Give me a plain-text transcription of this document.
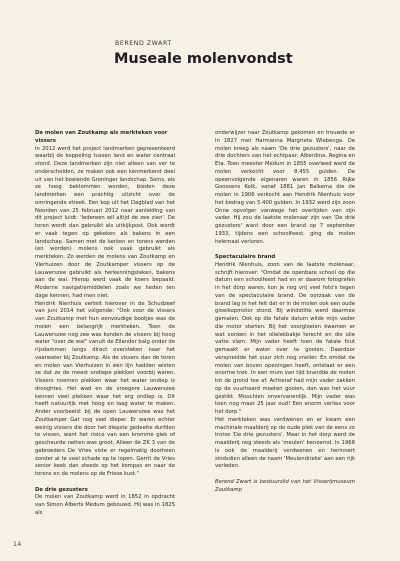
BEREND ZWART
Museale molenvondst
De molen van Zoutkamp als merkteken voor vissers

In 2012 werd het project landmerken gepresenteerd waarbij de koppeling tussen land en water centraal stond. Deze landmerken zijn niet alleen van ver te onderscheiden, ze maken ook een kenmerkend deel uit van het boeiende Groninger landschap. Soms, als ze hoog beklommen worden, bieden deze landmerken een prachtig uitzicht over de omringende streek. Een kop uit het Dagblad van het Noorden van 25 februari 2012 naar aanleiding van dit project luidt: 'Iedereen wil altijd de zee zien'. De toren wordt dan gebruikt als uitkijkpost. Ook wordt er vaak tegen op gekeken als bakens in een landschap. Samen met de kerken en torens werden (en worden) molens ook vaak gebruikt als merkteken. Zo werden de molens van Zoutkamp en Vierhuizen door de Zoutkamper vissers op de Lauwerszee gebruikt als herkenningsteken, bakens aan de wal. Hierop werd vaak de koers bepaald. Moderne navigatiemiddelen zoals we heden ten dage kennen, had men niet.

Hendrik Nienhuis vertelt hierover in de Schudzeef van juni 2014 het volgende: "Ook voor de vissers van Zoutkamp met hun eenvoudige bootjes was de molen een belangrijk merkteken. Toen de Lauwerszee nog zee was konden de vissers bij hoog water "over de wal" vanuit de Eilander balg onder de rijsdammen langs direct oversteken naar het vaarwater bij Zoutkamp. Als de vissers dan de toren en molen van Vierhuizen in één lijn hadden wisten ze dat ze de meest ondiepe plekken voorbij waren. Vissers noemen plekken waar het water ondiep is drooghtes. Het wad en de vroegere Lauwerszee kennen veel plekken waar het erg ondiep is. Dit heeft natuurlijk met hoog en laag water te maken. Ander voorbeeld: bij de open Lauwerszee was het Zoutkamper Gat nog veel dieper. Er waren echter weinig vissers die door het diepste gedeelte durfden te vissen, want het risico van een kromme giek of gescheurde netten was groot. Alleen de ZK 3 van de gebroeders De Vries viste er regelmatig doorheen zonder al te veel schade op te lopen. Gerrit de Vries senior keek dan steeds op het kompas en naar de torens en de molens op de Friese kust."

De drie gezusters

De molen van Zoutkamp werd in 1852 in opdracht van Simon Alberts Medum gebouwd. Hij was in 1825 als

onderwijzer naar Zoutkamp gekomen en trouwde er in 1827 met Harmanna Margrieta Wiebenga. De molen kreeg als naam 'De drie gezusters', naar de drie dochters van het echtpaar: Alberdina, Regina en Eta. Toen meester Medum in 1855 overleed werd de molen verkocht voor 8.455 gulden. De opeenvolgende eigenaren waren in 1856 Rijke Goossens Kolk, vanaf 1881 Jan Balkema die de molen in 1906 verkocht aan Hendrik Nienhuis voor het bedrag van 5.400 gulden. In 1932 werd zijn zoon Onne opvolger vanwege het overlijden van zijn vader. Hij zou de laatste molenaar zijn van 'De drie gezusters' want door een brand op 7 september 1933, tijdens een schoolfeest, ging de molen helemaal verloren.

Spectaculaire brand

Hendrik Nienhuis, zoon van de laatste molenaar, schrijft hierover: "Omdat de openbare school op die datum een schoolfeest had en er daarom fotografen in het dorp waren, kon je nog vrij veel foto's tegen van de spectaculaire brand. De oorzaak van de brand lag in het feit dat er in de molen ook een oude gloeikopmotor stond. Bij windstilte werd daarmee gemalen. Ook op die fatale datum wilde mijn vader die motor starten. Bij het voorgloeien kwamen er wat vonken in het olielekbakje terecht en die olie vatte vlam. Mijn vader heeft toen de fatale fout gemaakt er water over te gooien. Daardoor verspreidde het vuur zich nog sneller. En omdat de molen van boven openingen heeft, ontstaat er een enorme trek. In een mum van tijd brandde de molen tot de grond toe af. Achteraf had mijn vader zakken op de vuurhaard moeten gooien, dan was het vuur gestikt. Misschien onvervanenlijk. Mijn vader was toen nog maar 25 jaar oud! Een enorm verlies voor het dorp."

Het merkteken was verdwenen en er kwam een machinale maalderij op de oude plek van de eens zo trotse 'De drie gezusters'. Maar in het dorp werd de maalderij nog steeds als 'meulen' benoemd. In 1968 is ook de maalderij verdwenen en herinnert sindsdien alleen de naam 'Meulendrieke' aan een rijk verleden.

Berend Zwart is bestuurslid van het Visserijmuseum Zoutkamp

14
